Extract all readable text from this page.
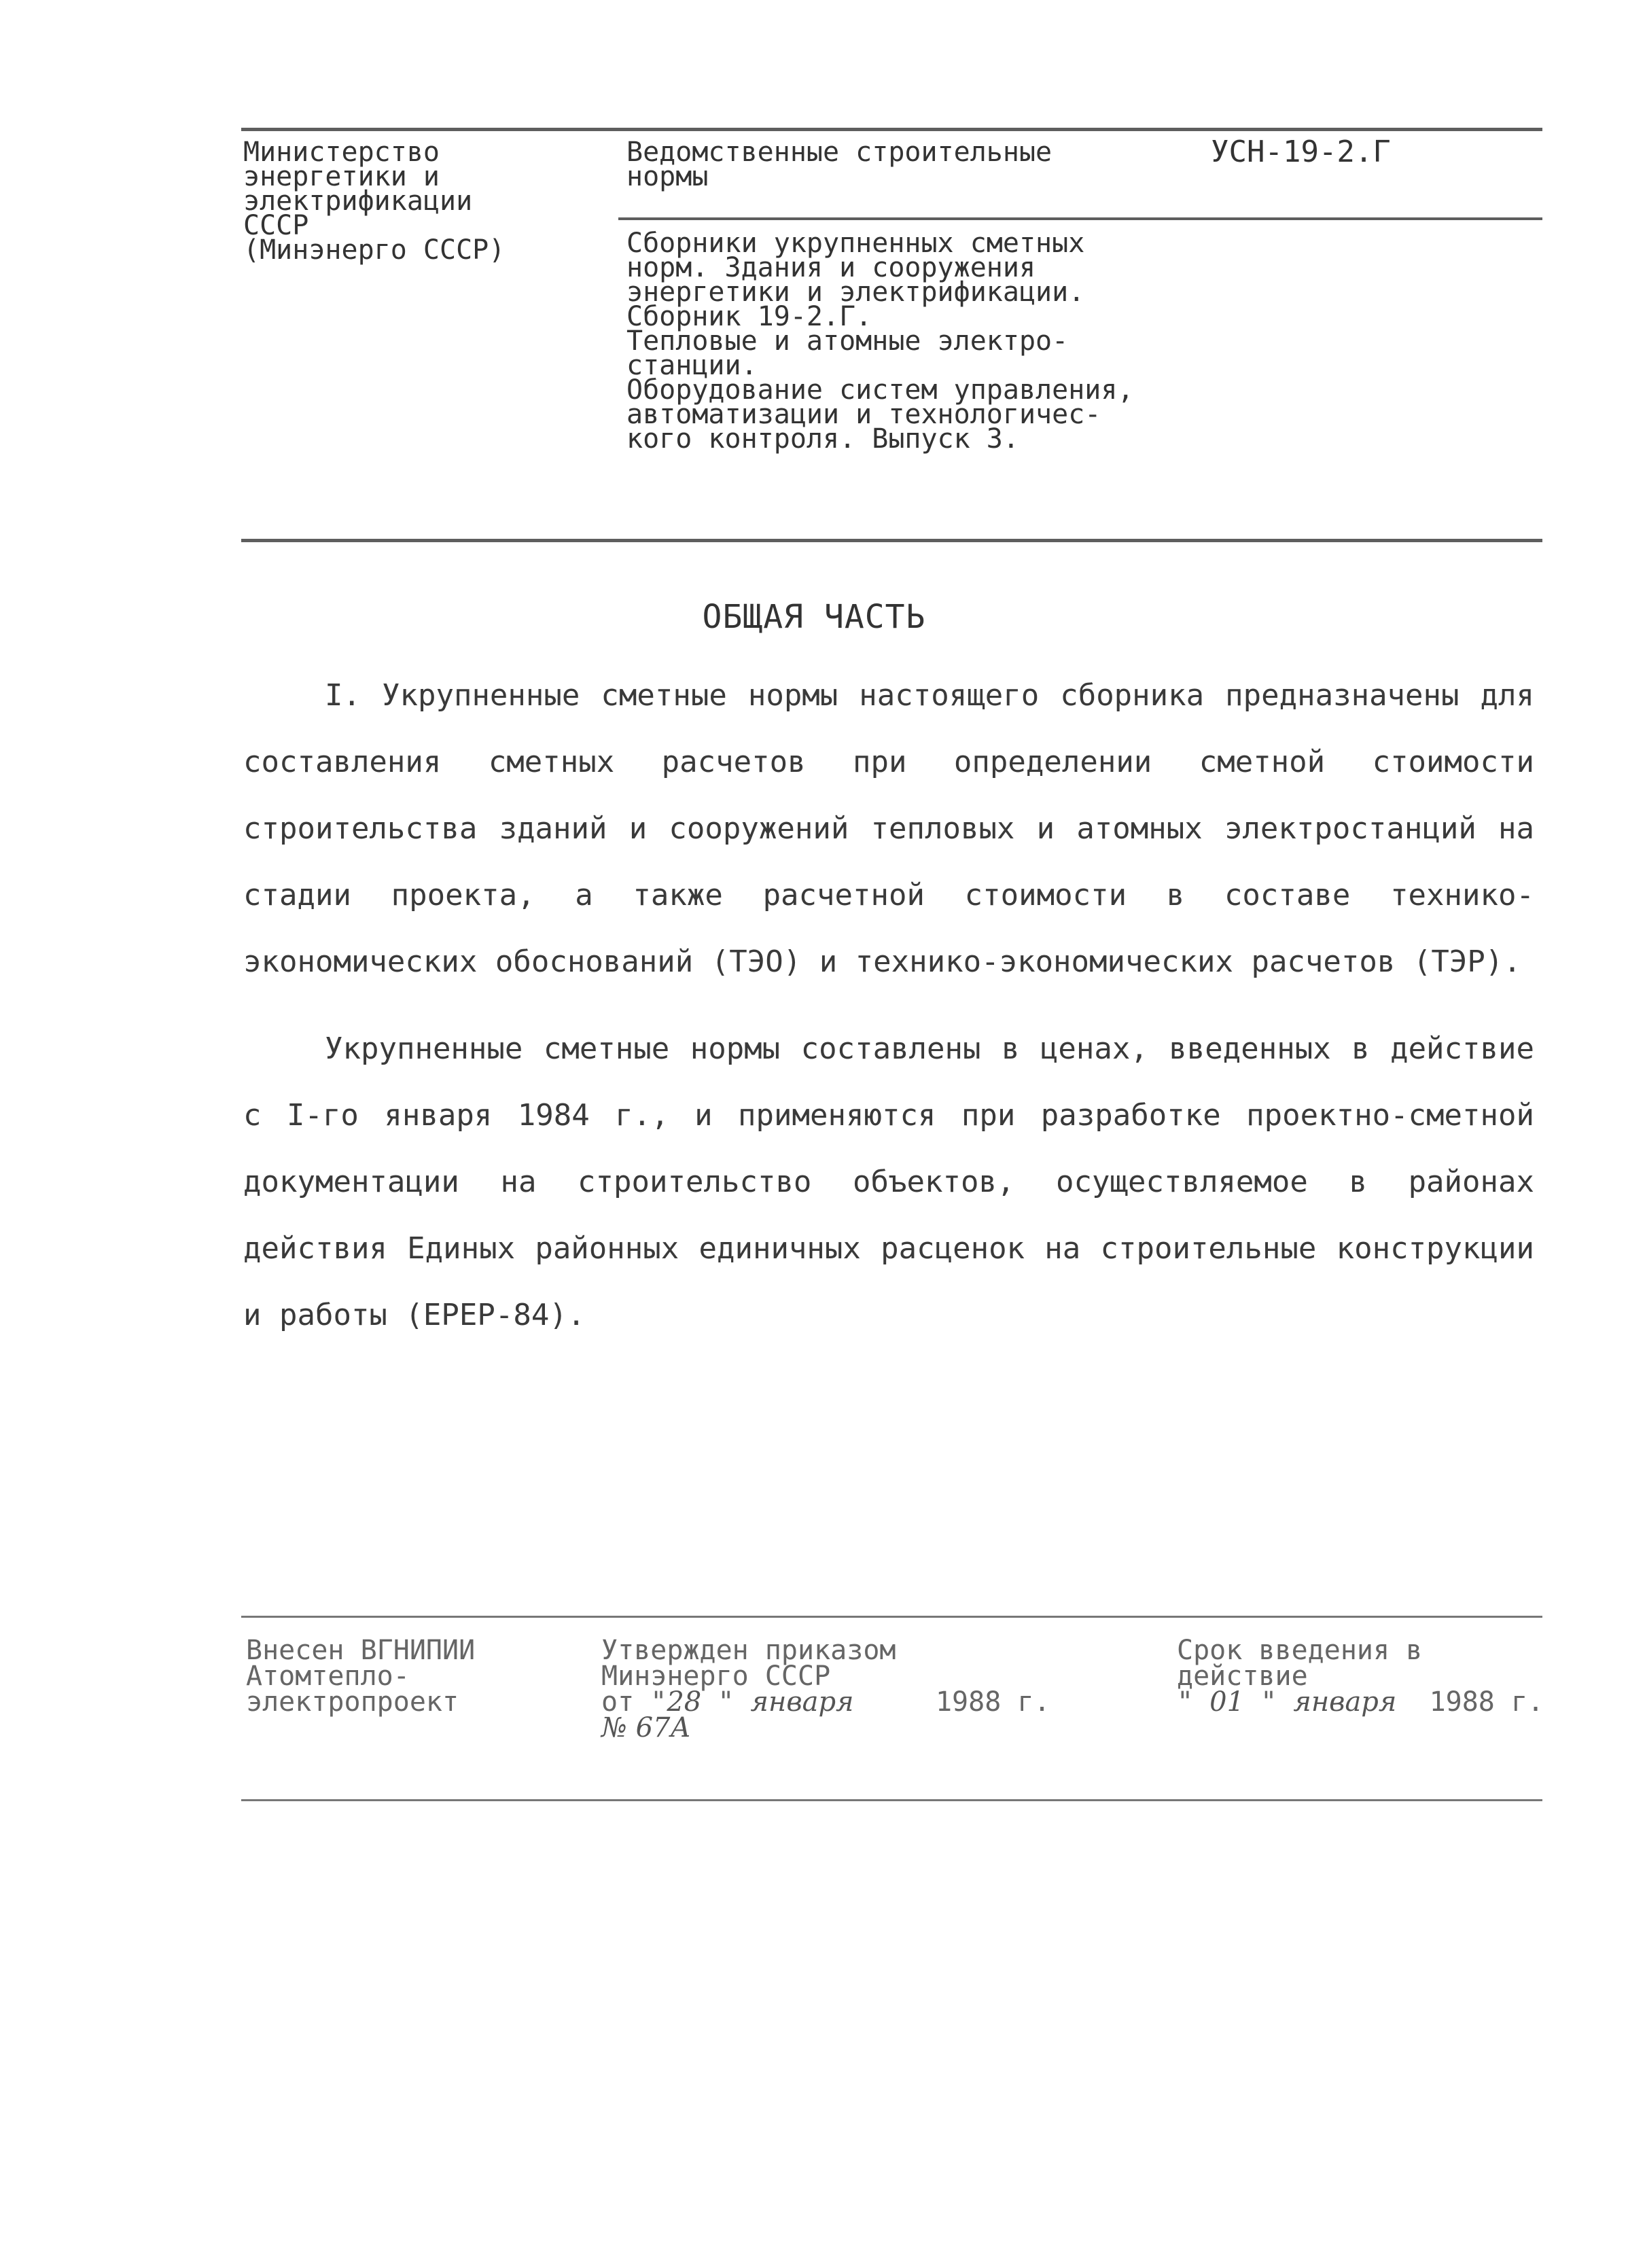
Министерство
энергетики и
электрификации
СССР
(Минэнерго СССР)
Ведомственные строительные
нормы
УСН-19-2.Г
Сборники укрупненных сметных
норм. Здания и сооружения
энергетики и электрификации.
Сборник 19-2.Г.
Тепловые и атомные электро-
станции.
Оборудование систем управления,
автоматизации и технологичес-
кого контроля. Выпуск 3.
ОБЩАЯ ЧАСТЬ
I. Укрупненные сметные нормы настоящего сборника предназначены для составления сметных расчетов при определении сметной стоимости строительства зданий и сооружений тепловых и атомных электростанций на стадии проекта, а также расчетной стоимости в составе технико-экономических обоснований (ТЭО) и технико-экономических расчетов (ТЭР).
Укрупненные сметные нормы составлены в ценах, введенных в действие с I-го января 1984 г., и применяются при разработке проектно-сметной документации на строительство объектов, осуществляемое в районах действия Единых районных единичных расценок на строительные конструкции и работы (ЕРЕР-84).
Внесен ВГНИПИИ
Атомтеплo-
электропроект
Утвержден приказом
Минэнерго СССР
от "28 " января	1988 г.
№ 67А
Срок введения в
действие
" 01 " января 1988 г.
